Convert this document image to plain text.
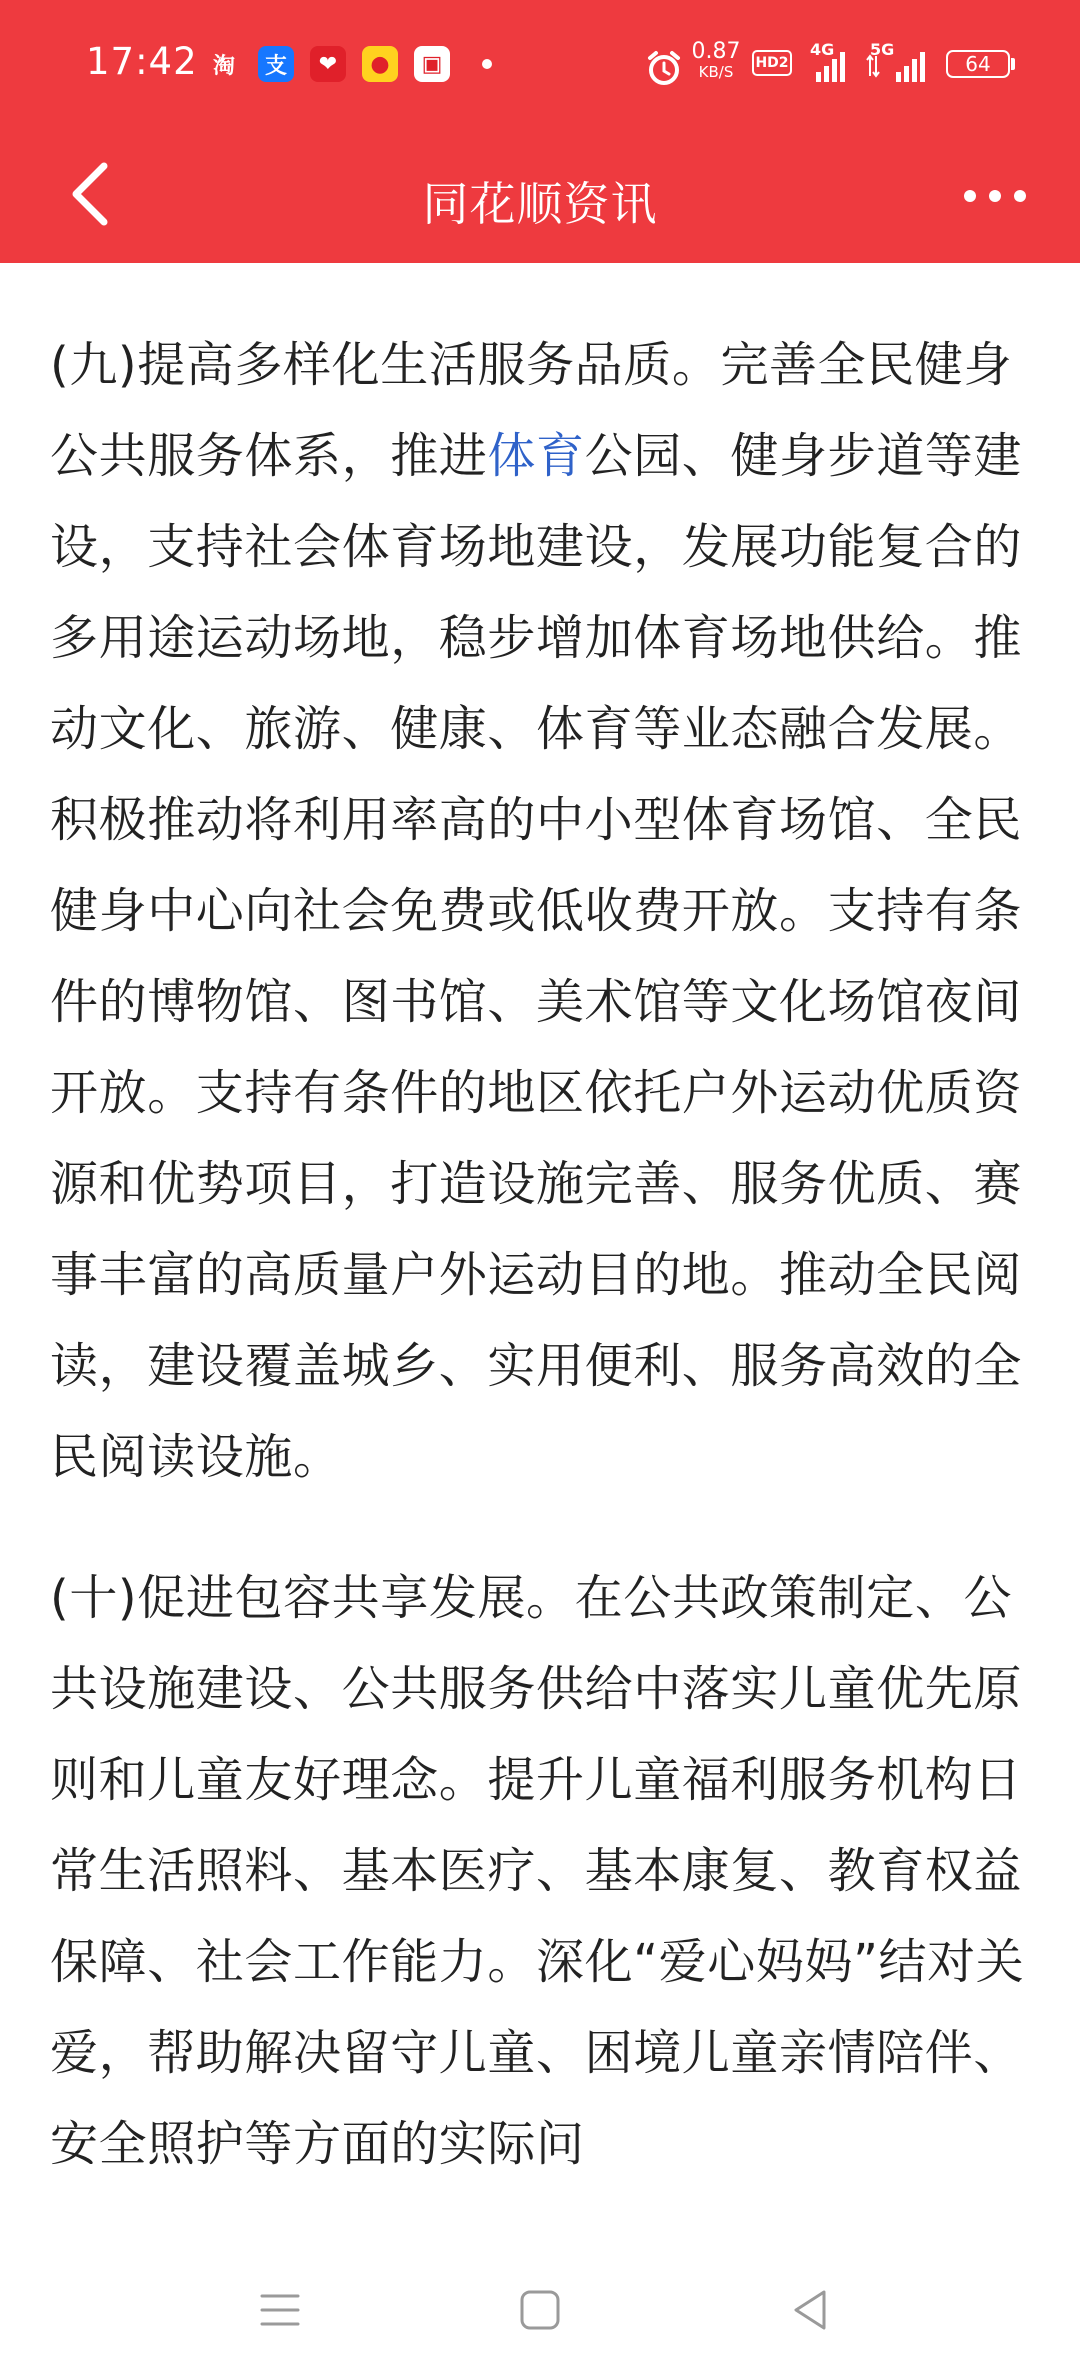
17:42 淘	支	❤	●	▣	0.87
KB/S	HD2
4G 5G
64
同花顺资讯

(九)提高多样化生活服务品质。完善全民健身公共服务体系，推进体育公园、健身步道等建设，支持社会体育场地建设，发展功能复合的多用途运动场地，稳步增加体育场地供给。推动文化、旅游、健康、体育等业态融合发展。积极推动将利用率高的中小型体育场馆、全民健身中心向社会免费或低收费开放。支持有条件的博物馆、图书馆、美术馆等文化场馆夜间开放。支持有条件的地区依托户外运动优质资源和优势项目，打造设施完善、服务优质、赛事丰富的高质量户外运动目的地。推动全民阅读，建设覆盖城乡、实用便利、服务高效的全民阅读设施。

(十)促进包容共享发展。在公共政策制定、公共设施建设、公共服务供给中落实儿童优先原则和儿童友好理念。提升儿童福利服务机构日常生活照料、基本医疗、基本康复、教育权益保障、社会工作能力。深化“爱心妈妈”结对关爱，帮助解决留守儿童、困境儿童亲情陪伴、安全照护等方面的实际问
